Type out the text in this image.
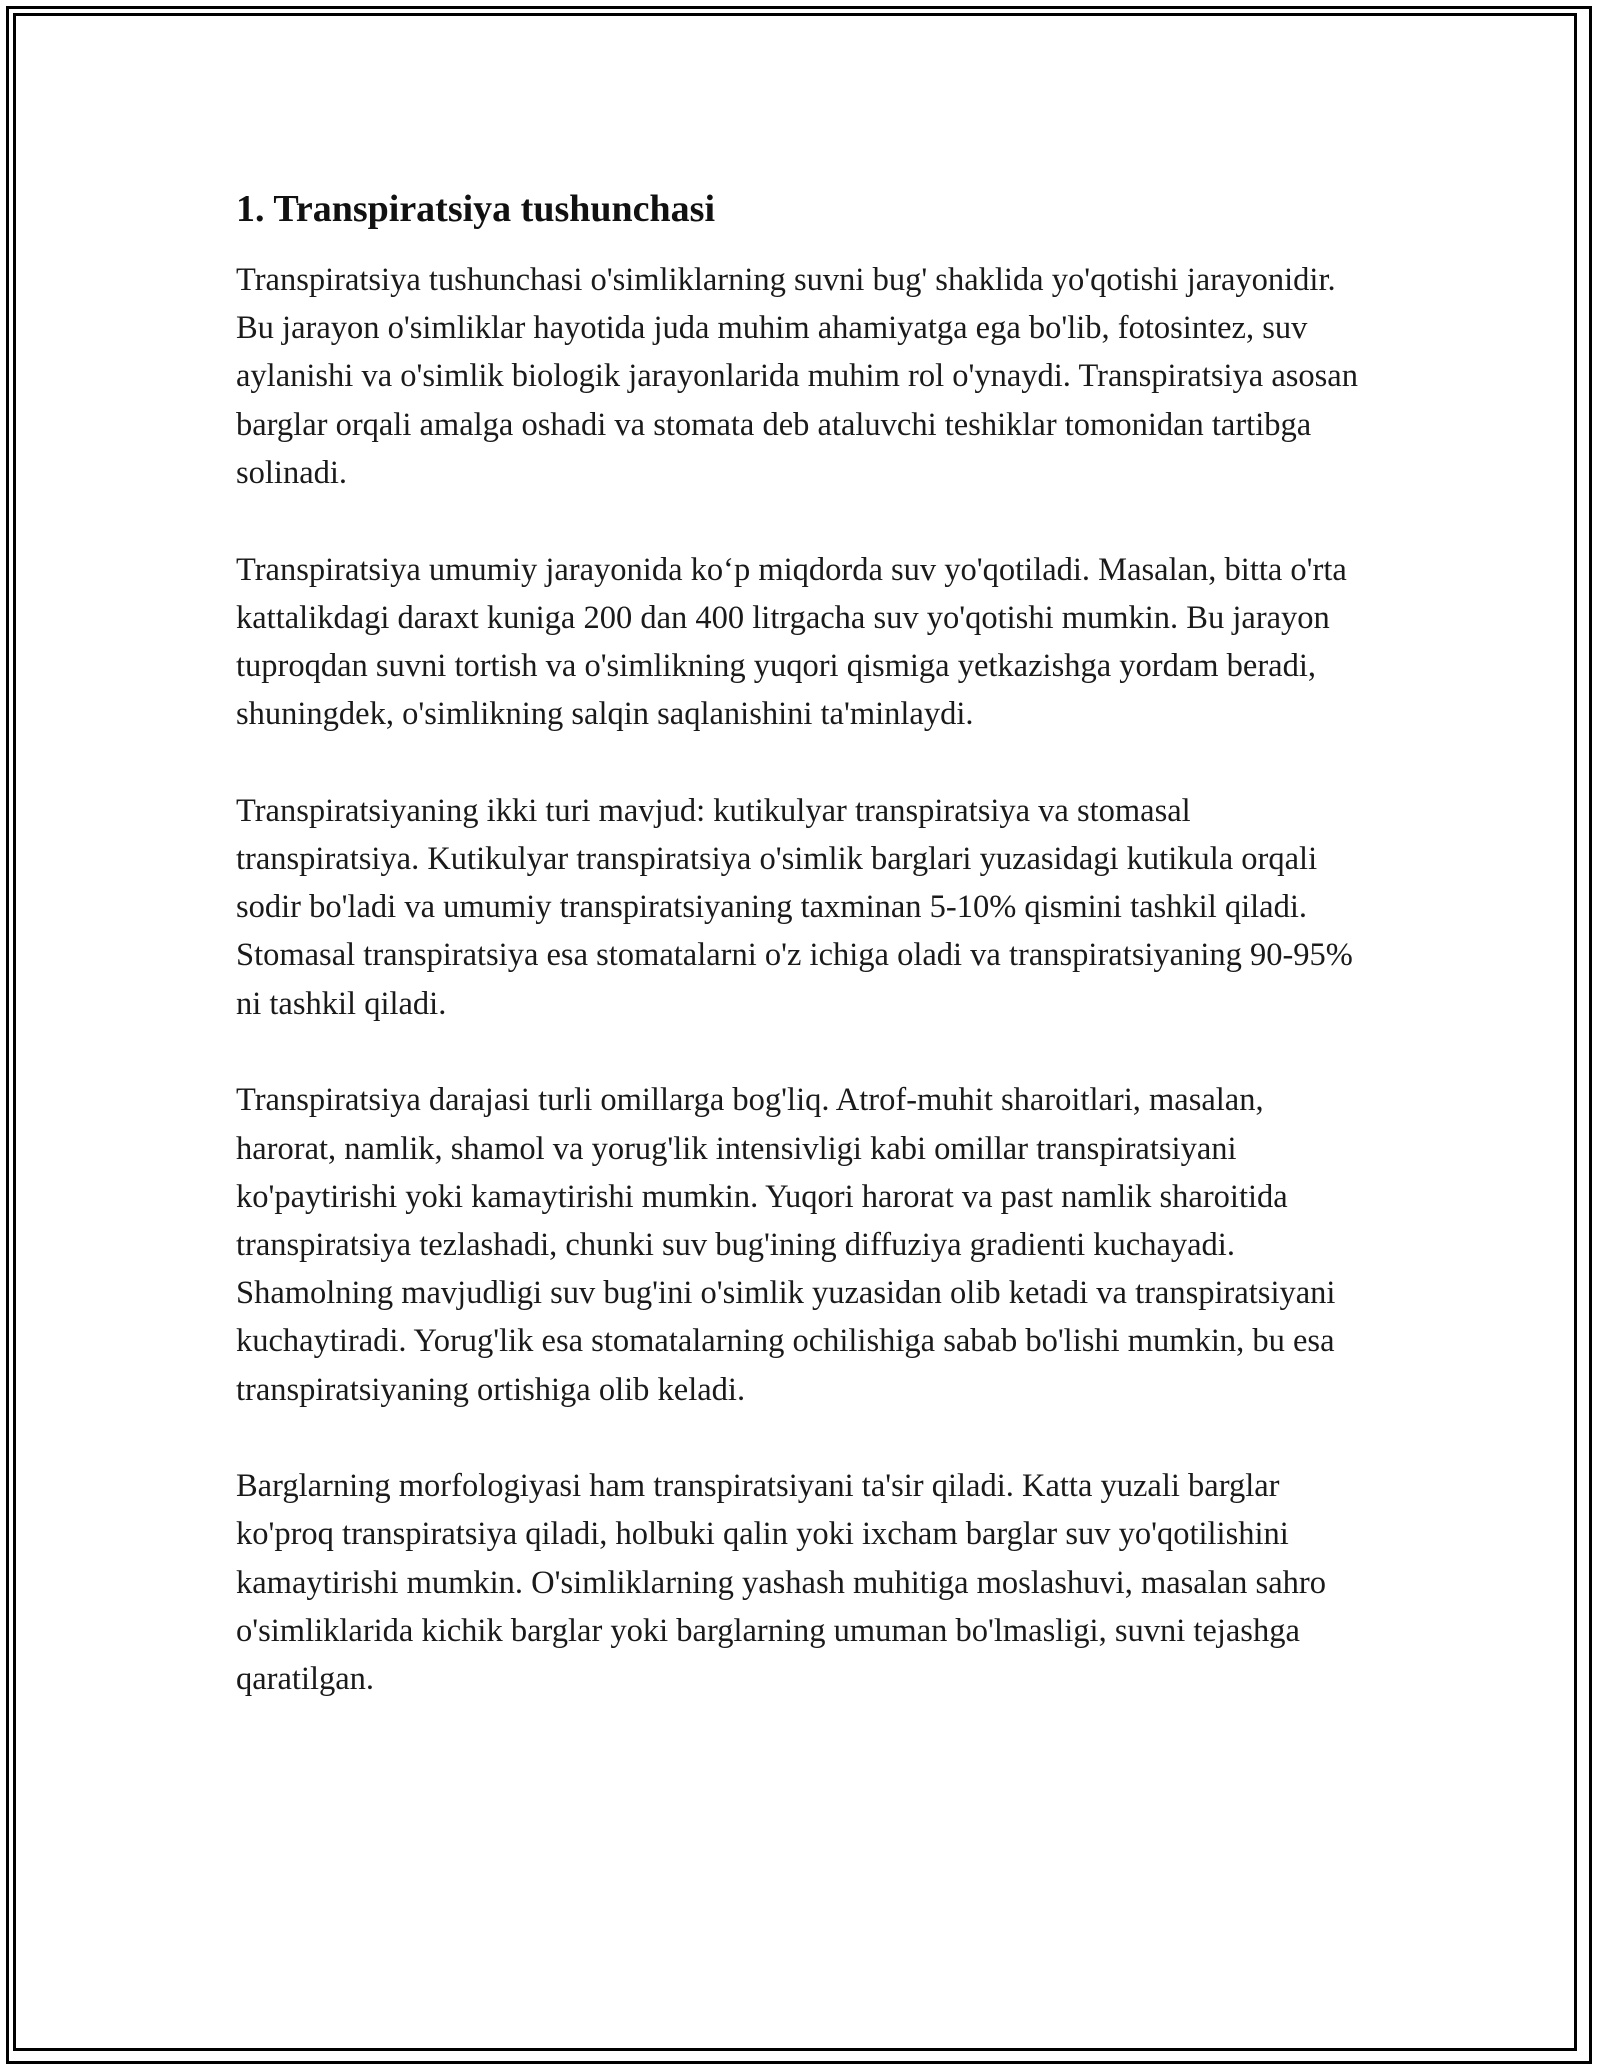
1. Transpiratsiya tushunchasi

Transpiratsiya tushunchasi o'simliklarning suvni bug' shaklida yo'qotishi jarayonidir. Bu jarayon o'simliklar hayotida juda muhim ahamiyatga ega bo'lib, fotosintez, suv aylanishi va o'simlik biologik jarayonlarida muhim rol o'ynaydi. Transpiratsiya asosan barglar orqali amalga oshadi va stomata deb ataluvchi teshiklar tomonidan tartibga solinadi.

Transpiratsiya umumiy jarayonida koʻp miqdorda suv yo'qotiladi. Masalan, bitta o'rta kattalikdagi daraxt kuniga 200 dan 400 litrgacha suv yo'qotishi mumkin. Bu jarayon tuproqdan suvni tortish va o'simlikning yuqori qismiga yetkazishga yordam beradi, shuningdek, o'simlikning salqin saqlanishini ta'minlaydi.

Transpiratsiyaning ikki turi mavjud: kutikulyar transpiratsiya va stomasal transpiratsiya. Kutikulyar transpiratsiya o'simlik barglari yuzasidagi kutikula orqali sodir bo'ladi va umumiy transpiratsiyaning taxminan 5-10% qismini tashkil qiladi. Stomasal transpiratsiya esa stomatalarni o'z ichiga oladi va transpiratsiyaning 90-95% ni tashkil qiladi.

Transpiratsiya darajasi turli omillarga bog'liq. Atrof-muhit sharoitlari, masalan, harorat, namlik, shamol va yorug'lik intensivligi kabi omillar transpiratsiyani ko'paytirishi yoki kamaytirishi mumkin. Yuqori harorat va past namlik sharoitida transpiratsiya tezlashadi, chunki suv bug'ining diffuziya gradienti kuchayadi. Shamolning mavjudligi suv bug'ini o'simlik yuzasidan olib ketadi va transpiratsiyani kuchaytiradi. Yorug'lik esa stomatalarning ochilishiga sabab bo'lishi mumkin, bu esa transpiratsiyaning ortishiga olib keladi.

Barglarning morfologiyasi ham transpiratsiyani ta'sir qiladi. Katta yuzali barglar ko'proq transpiratsiya qiladi, holbuki qalin yoki ixcham barglar suv yo'qotilishini kamaytirishi mumkin. O'simliklarning yashash muhitiga moslashuvi, masalan sahro o'simliklarida kichik barglar yoki barglarning umuman bo'lmasligi, suvni tejashga qaratilgan.
